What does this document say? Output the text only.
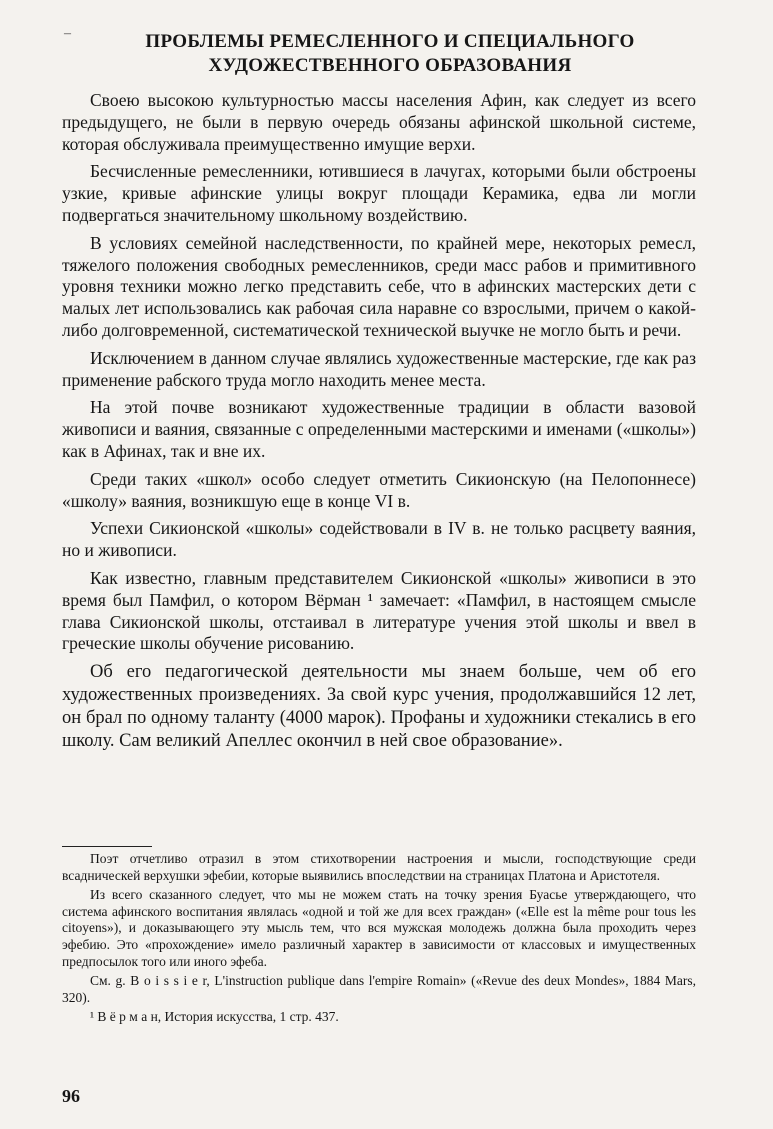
–	ПРОБЛЕМЫ РЕМЕСЛЕННОГО И СПЕЦИАЛЬНОГО
ХУДОЖЕСТВЕННОГО ОБРАЗОВАНИЯ

Своею высокою культурностью массы населения Афин, как следует из всего предыдущего, не были в первую очередь обязаны афинской школьной системе, которая обслуживала преимущественно имущие верхи.

Бесчисленные ремесленники, ютившиеся в лачугах, которыми были обстроены узкие, кривые афинские улицы вокруг площади Керамика, едва ли могли подвергаться значительному школьному воздействию.

В условиях семейной наследственности, по крайней мере, некоторых ремесл, тяжелого положения свободных ремесленников, среди масс рабов и примитивного уровня техники можно легко представить себе, что в афинских мастерских дети с малых лет использовались как рабочая сила наравне со взрослыми, причем о какой-либо долговременной, систематической технической выучке не могло быть и речи.

Исключением в данном случае являлись художественные мастерские, где как раз применение рабского труда могло находить менее места.

На этой почве возникают художественные традиции в области вазовой живописи и ваяния, связанные с определенными мастерскими и именами («школы») как в Афинах, так и вне их.

Среди таких «школ» особо следует отметить Сикионскую (на Пелопоннесе) «школу» ваяния, возникшую еще в конце VI в.

Успехи Сикионской «школы» содействовали в IV в. не только расцвету ваяния, но и живописи.

Как известно, главным представителем Сикионской «школы» живописи в это время был Памфил, о котором Вёрман ¹ замечает: «Памфил, в настоящем смысле глава Сикионской школы, отстаивал в литературе учения этой школы и ввел в греческие школы обучение рисованию.

Об его педагогической деятельности мы знаем больше, чем об его художественных произведениях. За свой курс учения, продолжавшийся 12 лет, он брал по одному таланту (4000 марок). Профаны и художники стекались в его школу. Сам великий Апеллес окончил в ней свое образование».

Поэт отчетливо отразил в этом стихотворении настроения и мысли, господствующие среди всадническей верхушки эфебии, которые выявились впоследствии на страницах Платона и Аристотеля.

Из всего сказанного следует, что мы не можем стать на точку зрения Буасье утверждающего, что система афинского воспитания являлась «одной и той же для всех граждан» («Elle est la même pour tous les citoyens»), и доказывающего эту мысль тем, что вся мужская молодежь должна была проходить через эфебию. Это «прохождение» имело различный характер в зависимости от классовых и имущественных предпосылок того или иного эфеба.

См. g. B o i s s i e r, L'instruction publique dans l'empire Romain» («Revue des deux Mondes», 1884 Mars, 320).

¹ В ё р м а н, История искусства, 1 стр. 437.

96
